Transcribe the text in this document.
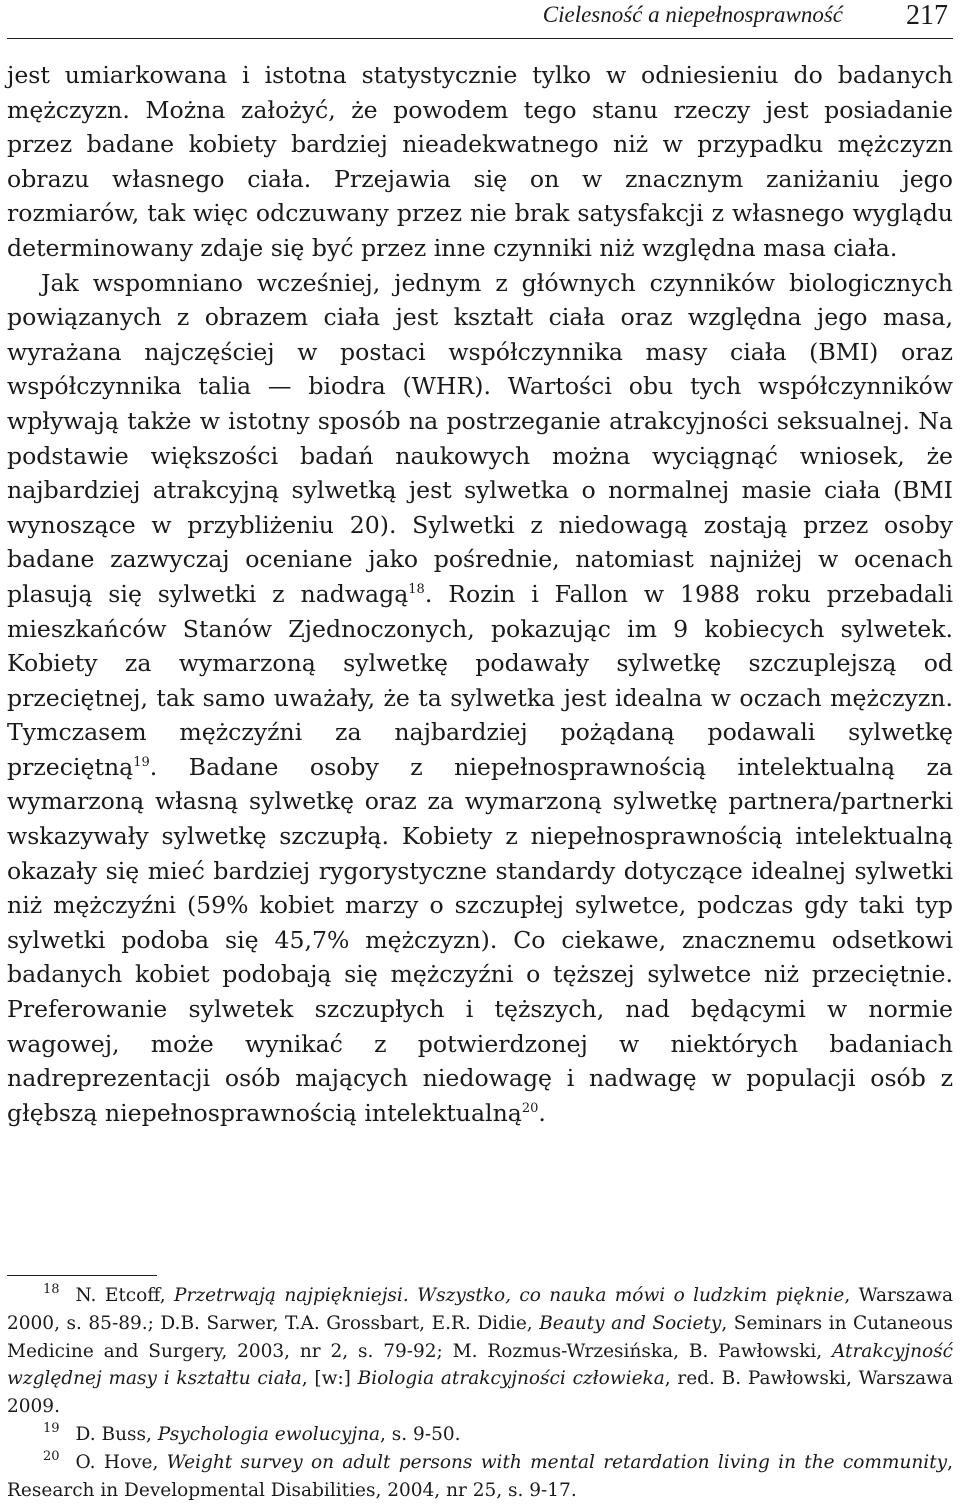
Cielesność a niepełnosprawność 217

jest umiarkowana i istotna statystycznie tylko w odniesieniu do badanych mężczyzn. Można założyć, że powodem tego stanu rzeczy jest posiadanie przez badane kobiety bardziej nieadekwatnego niż w przypadku mężczyzn obrazu własnego ciała. Przejawia się on w znacznym zaniżaniu jego rozmiarów, tak więc odczuwany przez nie brak satysfakcji z własnego wyglądu determinowany zdaje się być przez inne czynniki niż względna masa ciała.

Jak wspomniano wcześniej, jednym z głównych czynników biologicznych powiązanych z obrazem ciała jest kształt ciała oraz względna jego masa, wyrażana najczęściej w postaci współczynnika masy ciała (BMI) oraz współczynnika talia — biodra (WHR). Wartości obu tych współczynników wpływają także w istotny sposób na postrzeganie atrakcyjności seksualnej. Na podstawie większości badań naukowych można wyciągnąć wniosek, że najbardziej atrakcyjną sylwetką jest sylwetka o normalnej masie ciała (BMI wynoszące w przybliżeniu 20). Sylwetki z niedowagą zostają przez osoby badane zazwyczaj oceniane jako pośrednie, natomiast najniżej w ocenach plasują się sylwetki z nadwagą$^{18}$. Rozin i Fallon w 1988 roku przebadali mieszkańców Stanów Zjednoczonych, pokazując im 9 kobiecych sylwetek. Kobiety za wymarzoną sylwetkę podawały sylwetkę szczuplejszą od przeciętnej, tak samo uważały, że ta sylwetka jest idealna w oczach mężczyzn. Tymczasem mężczyźni za najbardziej pożądaną podawali sylwetkę przeciętną$^{19}$. Badane osoby z niepełnosprawnością intelektualną za wymarzoną własną sylwetkę oraz za wymarzoną sylwetkę partnera/partnerki wskazywały sylwetkę szczupłą. Kobiety z niepełnosprawnością intelektualną okazały się mieć bardziej rygorystyczne standardy dotyczące idealnej sylwetki niż mężczyźni (59% kobiet marzy o szczupłej sylwetce, podczas gdy taki typ sylwetki podoba się 45,7% mężczyzn). Co ciekawe, znacznemu odsetkowi badanych kobiet podobają się mężczyźni o tęższej sylwetce niż przeciętnie. Preferowanie sylwetek szczupłych i tęższych, nad będącymi w normie wagowej, może wynikać z potwierdzonej w niektórych badaniach nadreprezentacji osób mających niedowagę i nadwagę w populacji osób z głębszą niepełnosprawnością intelektualną$^{20}$.

$^{18}$ N. Etcoff, Przetrwają najpiękniejsi. Wszystko, co nauka mówi o ludzkim pięknie, Warszawa 2000, s. 85-89.; D.B. Sarwer, T.A. Grossbart, E.R. Didie, Beauty and Society, Seminars in Cutaneous Medicine and Surgery, 2003, nr 2, s. 79-92; M. Rozmus-Wrzesińska, B. Pawłowski, Atrakcyjność względnej masy i kształtu ciała, [w:] Biologia atrakcyjności człowieka, red. B. Pawłowski, Warszawa 2009.

$^{19}$ D. Buss, Psychologia ewolucyjna, s. 9-50.

$^{20}$ O. Hove, Weight survey on adult persons with mental retardation living in the community, Research in Developmental Disabilities, 2004, nr 25, s. 9-17.
